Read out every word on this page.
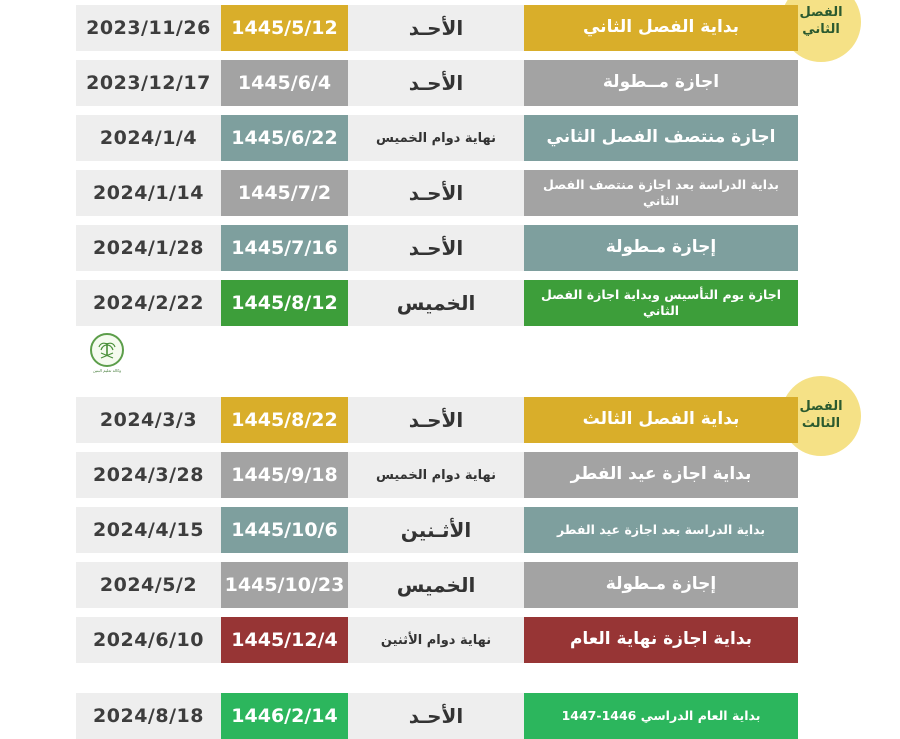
الفصل
الثاني
الفصل
الثالث
وكالة تعليم البنين
2023/11/26	1445/5/12	الأحـد	بداية الفصل الثاني
2023/12/17	1445/6/4	الأحـد	اجازة مــطولة
2024/1/4	1445/6/22	نهاية دوام الخميس	اجازة منتصف الفصل الثاني
2024/1/14	1445/7/2	الأحـد	بداية الدراسة بعد اجازة منتصف الفصل الثاني
2024/1/28	1445/7/16	الأحـد	إجازة مـطولة
2024/2/22	1445/8/12	الخميس	اجازة يوم التأسيس وبداية اجازة الفصل الثاني
2024/3/3	1445/8/22	الأحـد	بداية الفصل الثالث
2024/3/28	1445/9/18	نهاية دوام الخميس	بداية اجازة عيد الفطر
2024/4/15	1445/10/6	الأثـنين	بداية الدراسة بعد اجازة عيد الفطر
2024/5/2	1445/10/23	الخميس	إجازة مـطولة
2024/6/10	1445/12/4	نهاية دوام الأثنين	بداية اجازة نهاية العام
2024/8/18	1446/2/14	الأحـد	بداية العام الدراسي 1446-1447
